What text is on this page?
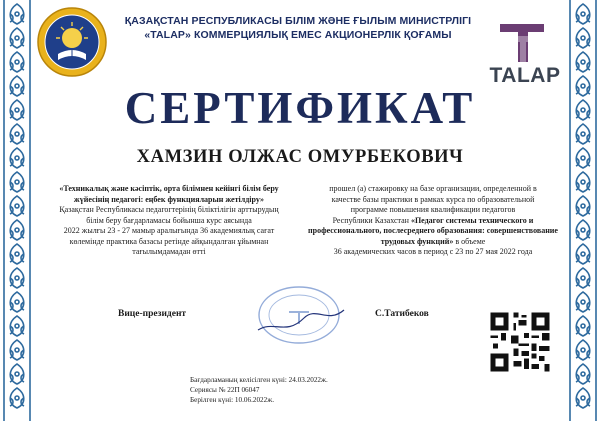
ҚАЗАҚСТАН РЕСПУБЛИКАСЫ БІЛІМ ЖӘНЕ ҒЫЛЫМ МИНИСТРЛІГІ
«TALAP» КОММЕРЦИЯЛЫҚ ЕМЕС АКЦИОНЕРЛІК ҚОҒАМЫ
TALAP
СЕРТИФИКАТ
ХАМЗИН ОЛЖАС ОМУРБЕКОВИЧ
«Техникалық және кәсіптік, орта білімнен кейінгі білім беру жүйесінің педагогі: еңбек функцияларын жетілдіру»
Қазақстан Республикасы педагогтерінің біліктілігін арттырудың
білім беру бағдарламасы бойынша курс аясында
2022 жылғы 23 - 27 мамыр аралығында 36 академиялық сағат
көлемінде практика базасы ретінде айқындалған ұйымнан
тағылымдамадан өтті
прошел (а) стажировку на базе организации, определенной в
качестве базы практики в рамках курса по образовательной
программе повышения квалификации педагогов
Республики Казахстан «Педагог системы технического и профессионального, послесреднего образования: совершенствование трудовых функций» в объеме
36 академических часов в период с 23 по 27 мая 2022 года
Вице-президент	С.Татибеков
Бағдарламаның келісілген күні: 24.03.2022ж.
Сериясы № 22П 06047
Берілген күні: 10.06.2022ж.
